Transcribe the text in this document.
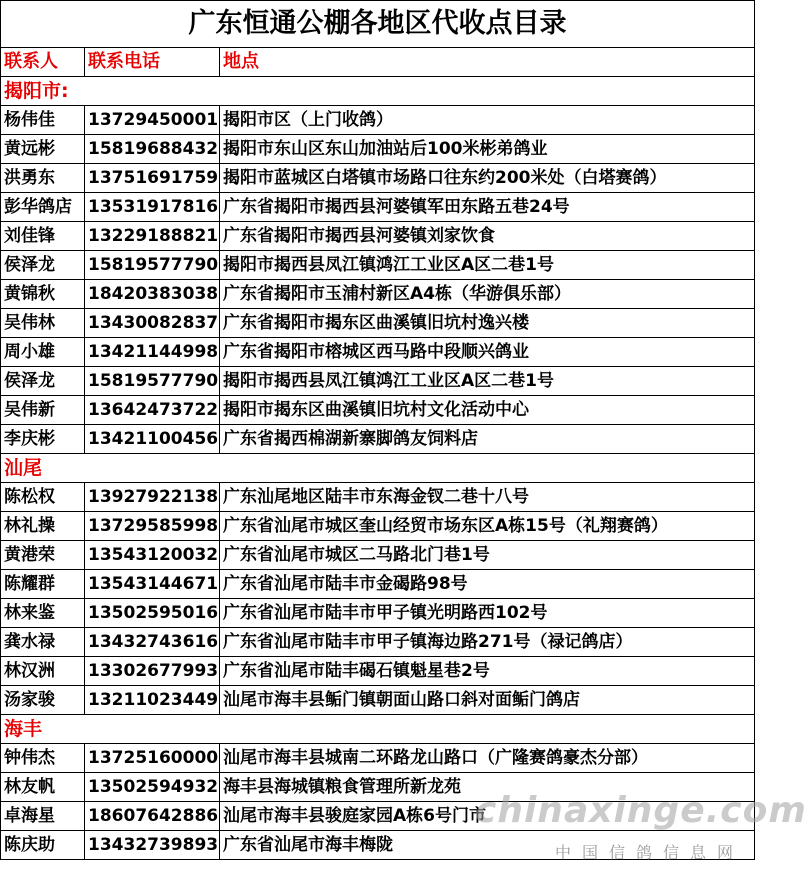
广东恒通公棚各地区代收点目录		
联系人	联系电话	地点
揭阳市:		
杨伟佳	13729450001	揭阳市区（上门收鸽）
黄远彬	15819688432	揭阳市东山区东山加油站后100米彬弟鸽业
洪勇东	13751691759	揭阳市蓝城区白塔镇市场路口往东约200米处（白塔赛鸽）
彭华鸽店	13531917816	广东省揭阳市揭西县河婆镇军田东路五巷24号
刘佳锋	13229188821	广东省揭阳市揭西县河婆镇刘家饮食
侯泽龙	15819577790	揭阳市揭西县凤江镇鸿江工业区A区二巷1号
黄锦秋	18420383038	广东省揭阳市玉浦村新区A4栋（华游俱乐部）
吴伟林	13430082837	广东省揭阳市揭东区曲溪镇旧坑村逸兴楼
周小雄	13421144998	广东省揭阳市榕城区西马路中段顺兴鸽业
侯泽龙	15819577790	揭阳市揭西县凤江镇鸿江工业区A区二巷1号
吴伟新	13642473722	揭阳市揭东区曲溪镇旧坑村文化活动中心
李庆彬	13421100456	广东省揭西棉湖新寨脚鸽友饲料店
汕尾		
陈松权	13927922138	广东汕尾地区陆丰市东海金钗二巷十八号
林礼操	13729585998	广东省汕尾市城区奎山经贸市场东区A栋15号（礼翔赛鸽）
黄港荣	13543120032	广东省汕尾市城区二马路北门巷1号
陈耀群	13543144671	广东省汕尾市陆丰市金碣路98号
林来鉴	13502595016	广东省汕尾市陆丰市甲子镇光明路西102号
龚水禄	13432743616	广东省汕尾市陆丰市甲子镇海边路271号（禄记鸽店）
林汉洲	13302677993	广东省汕尾市陆丰碣石镇魁星巷2号
汤家骏	13211023449	汕尾市海丰县鲘门镇朝面山路口斜对面鲘门鸽店
海丰		
钟伟杰	13725160000	汕尾市海丰县城南二环路龙山路口（广隆赛鸽豪杰分部）
林友帆	13502594932	海丰县海城镇粮食管理所新龙苑
卓海星	18607642886	汕尾市海丰县骏庭家园A栋6号门市
陈庆助	13432739893	广东省汕尾市海丰梅陇
chinaxinge.com
中国信鸽信息网
